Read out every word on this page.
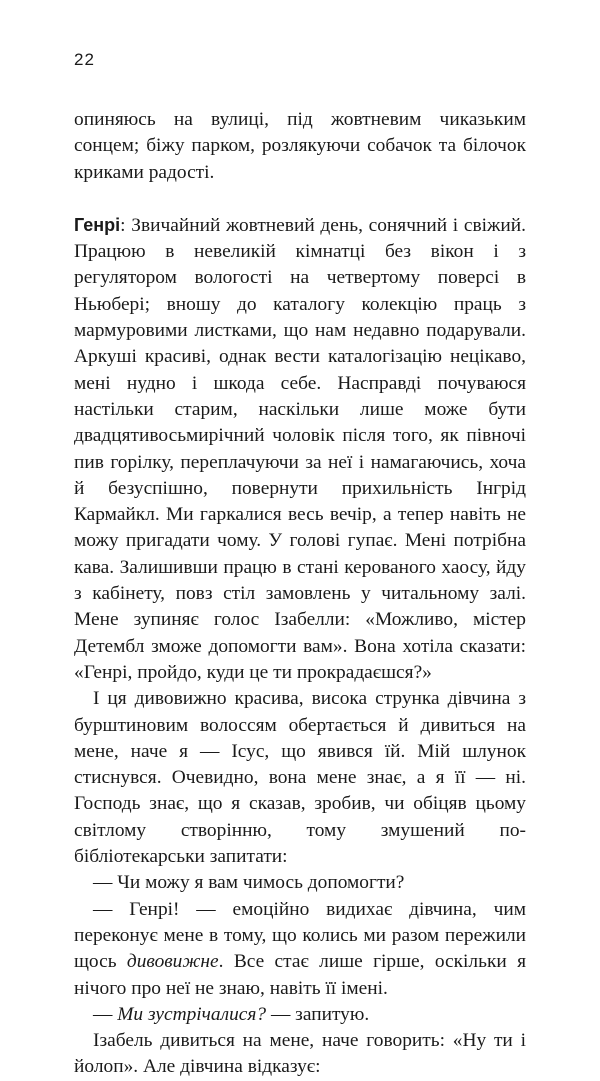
22

опиняюсь на вулиці, під жовтневим чиказьким сонцем; біжу парком, розлякуючи собачок та білочок криками радості.

Генрі: Звичайний жовтневий день, сонячний і свіжий. Працюю в невеликій кімнатці без вікон і з регулятором вологості на четвертому поверсі в Ньюбері; вношу до каталогу колекцію праць з мармуровими листками, що нам недавно подарували. Аркуші красиві, однак вести каталогізацію нецікаво, мені нудно і шкода себе. Насправді почуваюся настільки старим, наскільки лише може бути двадцятивосьмирічний чоловік після того, як півночі пив горілку, переплачуючи за неї і намагаючись, хоча й безуспішно, повернути прихильність Інгрід Кармайкл. Ми гаркалися весь вечір, а тепер навіть не можу пригадати чому. У голові гупає. Мені потрібна кава. Залишивши працю в стані керованого хаосу, йду з кабінету, повз стіл замовлень у читальному залі. Мене зупиняє голос Ізабелли: «Можливо, містер Детембл зможе допомогти вам». Вона хотіла сказати: «Генрі, пройдо, куди це ти прокрадаєшся?»

І ця дивовижно красива, висока струнка дівчина з бурштиновим волоссям обертається й дивиться на мене, наче я — Ісус, що явився їй. Мій шлунок стиснувся. Очевидно, вона мене знає, а я її — ні. Господь знає, що я сказав, зробив, чи обіцяв цьому світлому створінню, тому змушений по-бібліотекарськи запитати:

— Чи можу я вам чимось допомогти?

— Генрі! — емоційно видихає дівчина, чим переконує мене в тому, що колись ми разом пережили щось дивовижне. Все стає лише гірше, оскільки я нічого про неї не знаю, навіть її імені.

— Ми зустрічалися? — запитую.

Ізабель дивиться на мене, наче говорить: «Ну ти і йолоп». Але дівчина відказує:
